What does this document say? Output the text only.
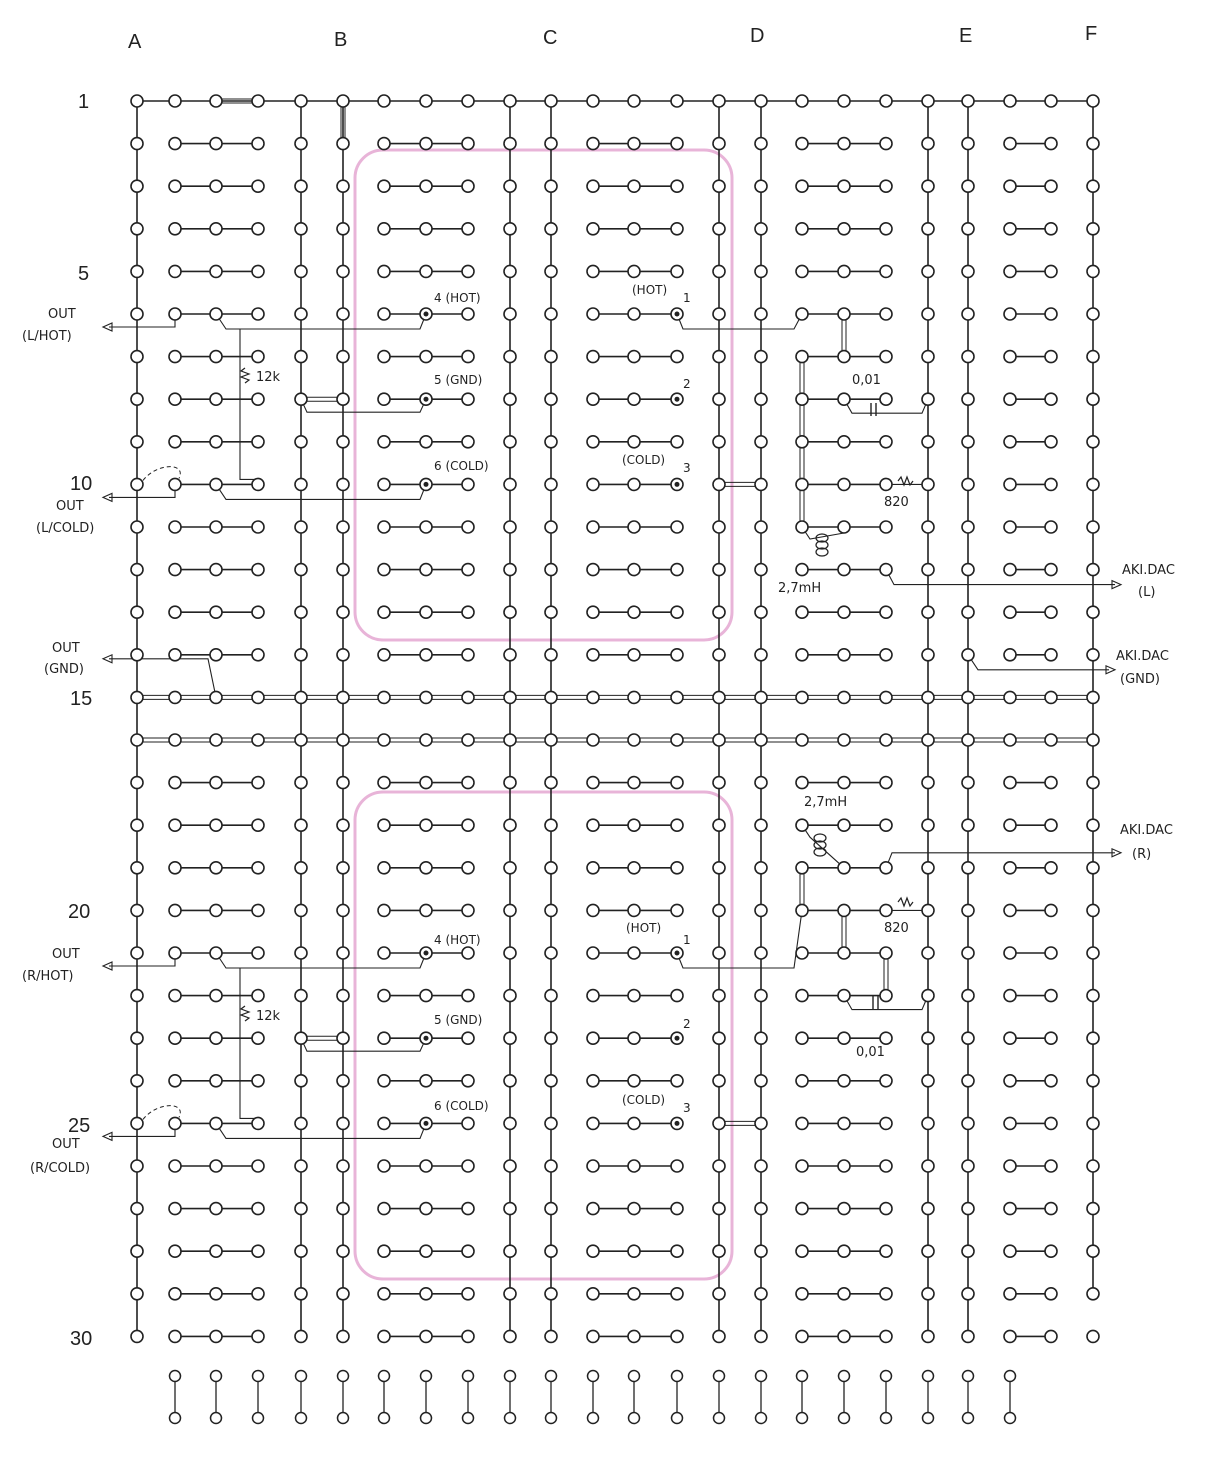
A	B	C	D	E	F
1
5
10
15
20
25
30
OUT
(L/HOT)
OUT
(L/COLD)
OUT
(GND)
OUT
(R/HOT)
OUT
(R/COLD)
AKI.DAC
(L)
AKI.DAC
(GND)
AKI.DAC
(R)
4 (HOT)
5 (GND)
6 (COLD)
(HOT)
1
2
(COLD)
3
4 (HOT)
5 (GND)
6 (COLD)
(HOT)
1
2
(COLD)
3
12k
12k
0,01
0,01
820
820
2,7mH
2,7mH
